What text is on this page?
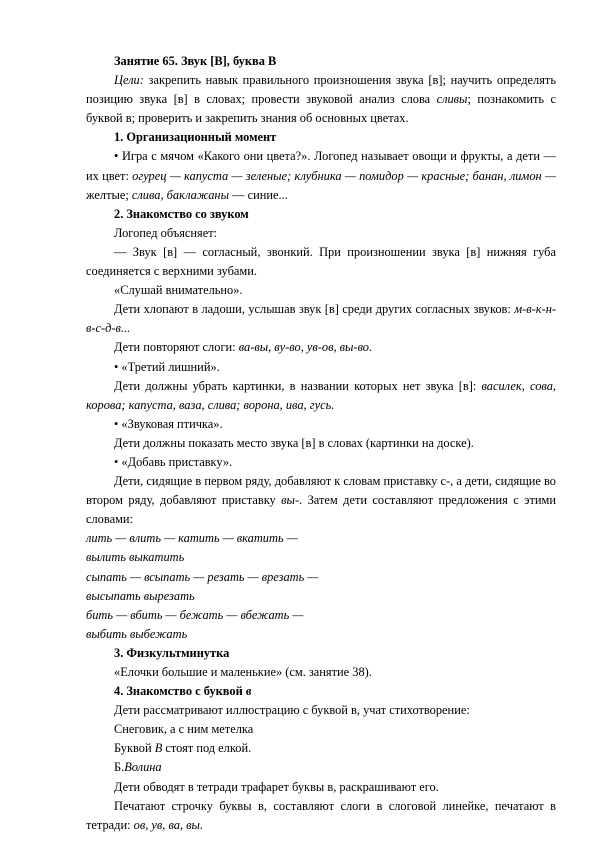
Занятие 65. Звук [В], буква В

Цели: закрепить навык правильного произношения звука [в]; научить определять позицию звука [в] в словах; провести звуковой анализ слова сливы; познакомить с буквой в; проверить и закрепить знания об основных цветах.

1. Организационный момент

• Игра с мячом «Какого они цвета?». Логопед называет овощи и фрукты, а дети — их цвет: огурец — капуста — зеленые; клубника — помидор — красные; банан, лимон — желтые; слива, баклажаны — синие...

2. Знакомство со звуком

Логопед объясняет:

— Звук [в] — согласный, звонкий. При произношении звука [в] нижняя губа соединяется с верхними зубами.

«Слушай внимательно».

Дети хлопают в ладоши, услышав звук [в] среди других согласных звуков: м-в-к-н-в-с-д-в...

Дети повторяют слоги: ва-вы, ву-во, ув-ов, вы-во.

• «Третий лишний».

Дети должны убрать картинки, в названии которых нет звука [в]: василек, сова, корова; капуста, ваза, слива; ворона, ива, гусь.

• «Звуковая птичка».

Дети должны показать место звука [в] в словах (картинки на доске).

• «Добавь приставку».

Дети, сидящие в первом ряду, добавляют к словам приставку с-, а дети, сидящие во втором ряду, добавляют приставку вы-. Затем дети составляют предложения с этими словами:

лить — влить — катить — вкатить —

вылить выкатить

сыпать — всыпать — резать — врезать —

высыпать вырезать

бить — вбить — бежать — вбежать —

выбить выбежать

3. Физкультминутка

«Елочки большие и маленькие» (см. занятие 38).

4. Знакомство с буквой в

Дети рассматривают иллюстрацию с буквой в, учат стихотворение:

Снеговик, а с ним метелка

Буквой В стоят под елкой.

Б.Волина

Дети обводят в тетради трафарет буквы в, раскрашивают его.

Печатают строчку буквы в, составляют слоги в слоговой линейке, печатают в тетради: ов, ув, ва, вы.
